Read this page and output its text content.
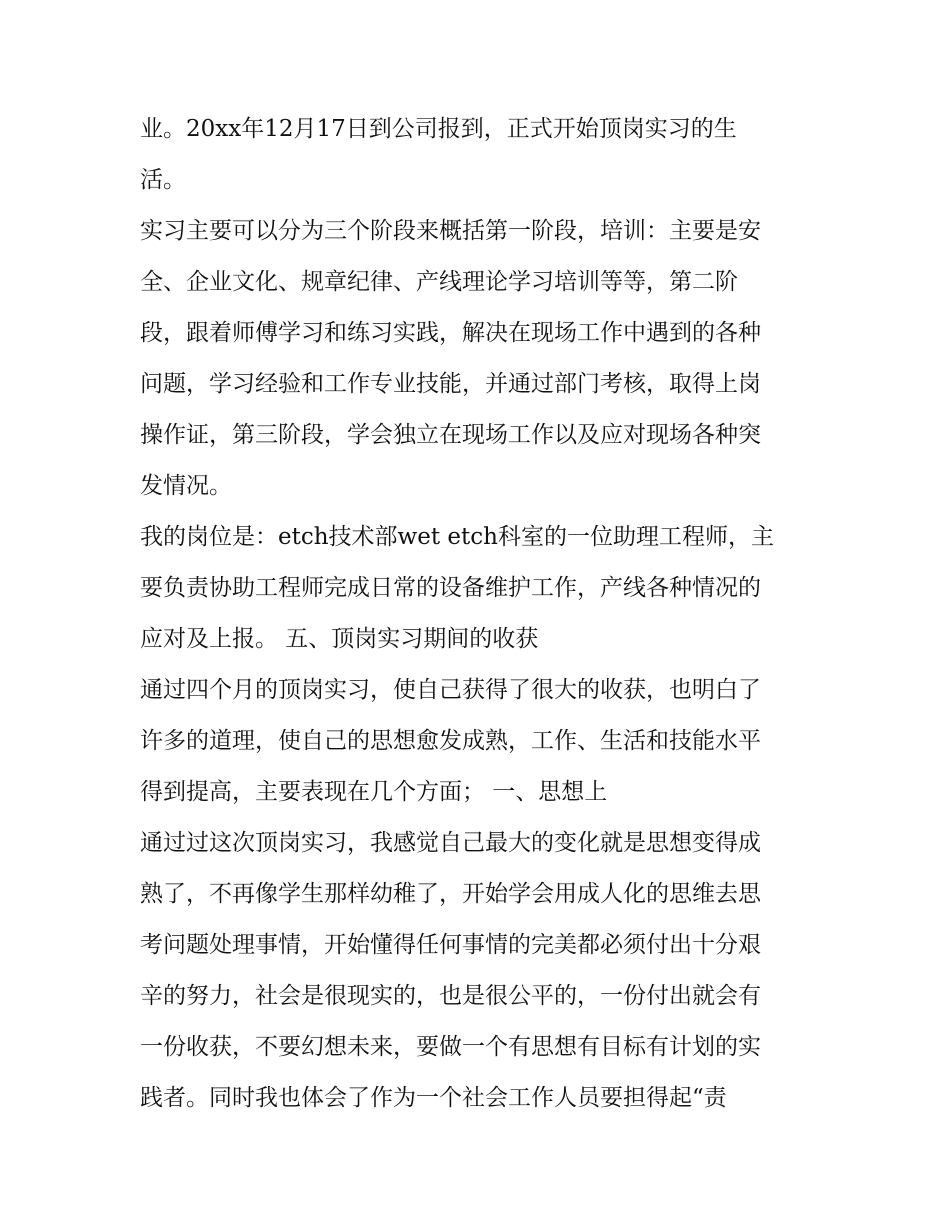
业。20xx年12月17日到公司报到，正式开始顶岗实习的生
活。
实习主要可以分为三个阶段来概括第一阶段，培训：主要是安
全、企业文化、规章纪律、产线理论学习培训等等，第二阶
段，跟着师傅学习和练习实践，解决在现场工作中遇到的各种
问题，学习经验和工作专业技能，并通过部门考核，取得上岗
操作证，第三阶段，学会独立在现场工作以及应对现场各种突
发情况。
我的岗位是：etch技术部wet etch科室的一位助理工程师，主
要负责协助工程师完成日常的设备维护工作，产线各种情况的
应对及上报。 五、顶岗实习期间的收获
通过四个月的顶岗实习，使自己获得了很大的收获，也明白了
许多的道理，使自己的思想愈发成熟，工作、生活和技能水平
得到提高，主要表现在几个方面； 一、思想上
通过过这次顶岗实习，我感觉自己最大的变化就是思想变得成
熟了，不再像学生那样幼稚了，开始学会用成人化的思维去思
考问题处理事情，开始懂得任何事情的完美都必须付出十分艰
辛的努力，社会是很现实的，也是很公平的，一份付出就会有
一份收获，不要幻想未来，要做一个有思想有目标有计划的实
践者。同时我也体会了作为一个社会工作人员要担得起“责
